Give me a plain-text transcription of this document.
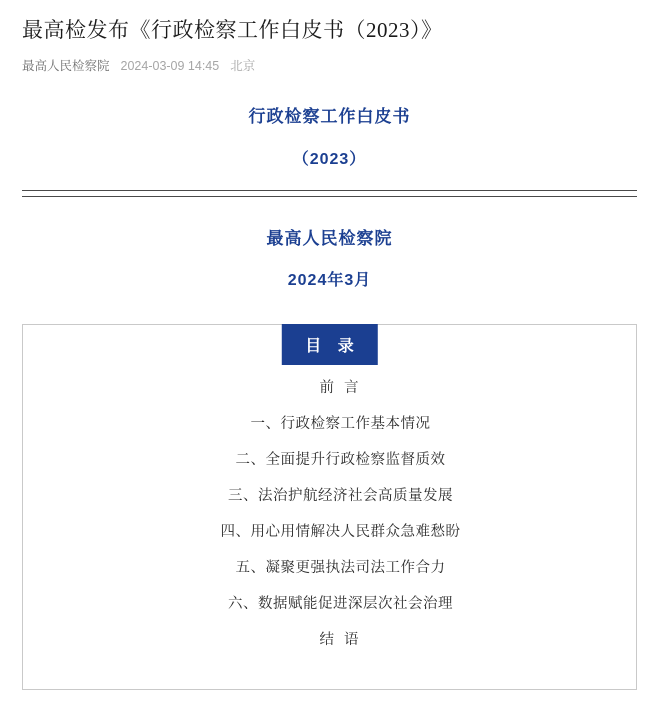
最高检发布《行政检察工作白皮书（2023）》
最高人民检察院 2024-03-09 14:45 北京
行政检察工作白皮书
（2023）
最高人民检察院
2024年3月
目 录
前 言
一、行政检察工作基本情况
二、全面提升行政检察监督质效
三、法治护航经济社会高质量发展
四、用心用情解决人民群众急难愁盼
五、凝聚更强执法司法工作合力
六、数据赋能促进深层次社会治理
结 语
